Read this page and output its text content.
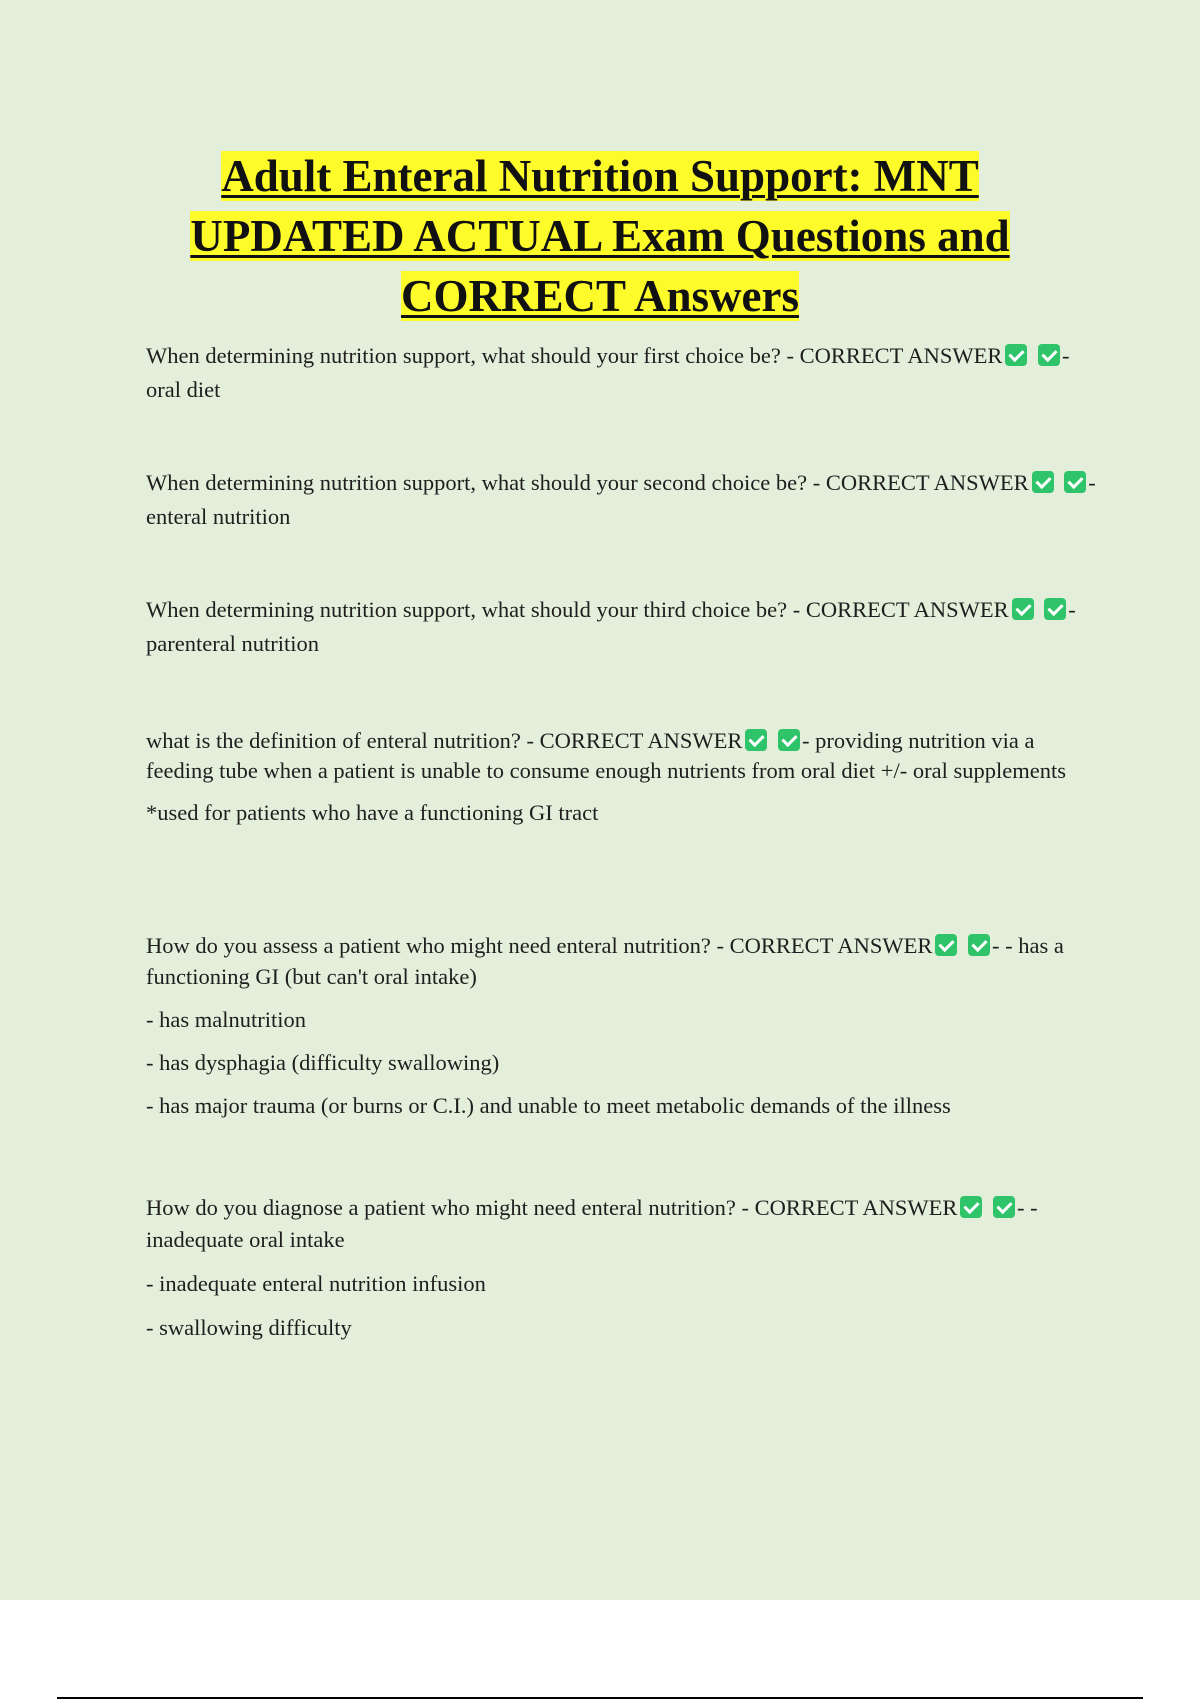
Adult Enteral Nutrition Support: MNT
UPDATED ACTUAL Exam Questions and
CORRECT Answers

When determining nutrition support, what should your first choice be? - CORRECT ANSWER	- oral diet

When determining nutrition support, what should your second choice be? - CORRECT ANSWER	- enteral nutrition

When determining nutrition support, what should your third choice be? - CORRECT ANSWER	- parenteral nutrition

what is the definition of enteral nutrition? - CORRECT ANSWER	- providing nutrition via a feeding tube when a patient is unable to consume enough nutrients from oral diet +/- oral supplements

*used for patients who have a functioning GI tract

How do you assess a patient who might need enteral nutrition? - CORRECT ANSWER	- - has a functioning GI (but can't oral intake)

- has malnutrition

- has dysphagia (difficulty swallowing)

- has major trauma (or burns or C.I.) and unable to meet metabolic demands of the illness

How do you diagnose a patient who might need enteral nutrition? - CORRECT ANSWER	- - inadequate oral intake

- inadequate enteral nutrition infusion

- swallowing difficulty
